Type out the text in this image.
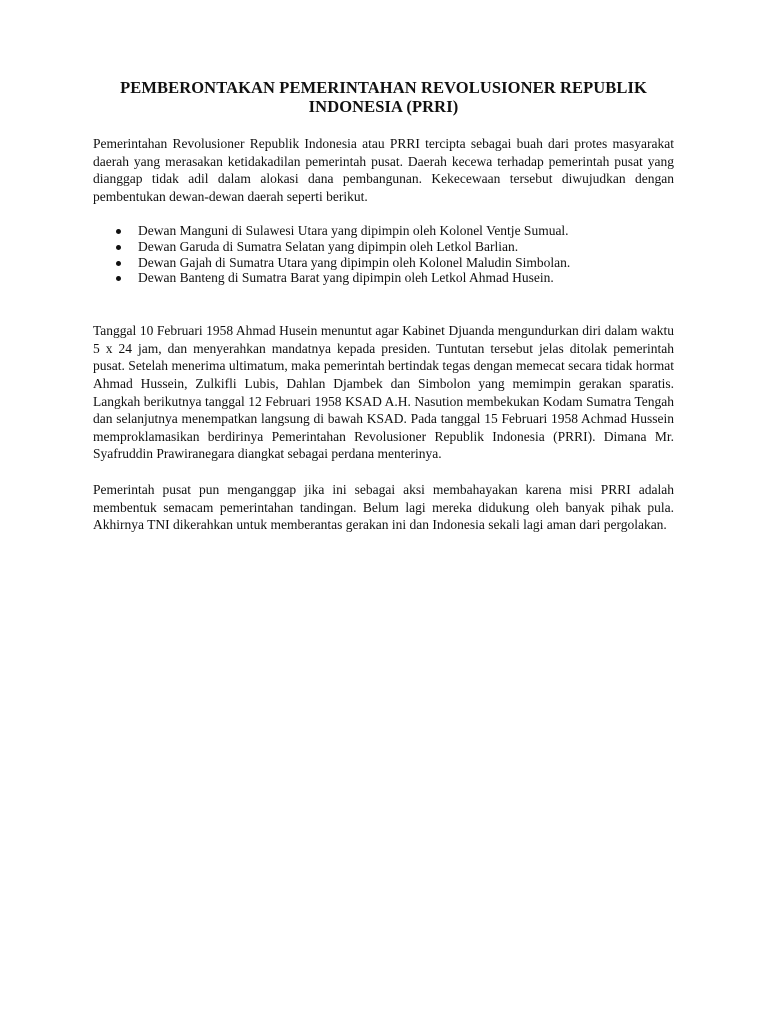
PEMBERONTAKAN PEMERINTAHAN REVOLUSIONER REPUBLIK
INDONESIA (PRRI)

Pemerintahan Revolusioner Republik Indonesia atau PRRI tercipta sebagai buah dari protes masyarakat daerah yang merasakan ketidakadilan pemerintah pusat. Daerah kecewa terhadap pemerintah pusat yang dianggap tidak adil dalam alokasi dana pembangunan. Kekecewaan tersebut diwujudkan dengan pembentukan dewan-dewan daerah seperti berikut.

Dewan Manguni di Sulawesi Utara yang dipimpin oleh Kolonel Ventje Sumual.
Dewan Garuda di Sumatra Selatan yang dipimpin oleh Letkol Barlian.
Dewan Gajah di Sumatra Utara yang dipimpin oleh Kolonel Maludin Simbolan.
Dewan Banteng di Sumatra Barat yang dipimpin oleh Letkol Ahmad Husein.

Tanggal 10 Februari 1958 Ahmad Husein menuntut agar Kabinet Djuanda mengundurkan diri dalam waktu 5 x 24 jam, dan menyerahkan mandatnya kepada presiden. Tuntutan tersebut jelas ditolak pemerintah pusat. Setelah menerima ultimatum, maka pemerintah bertindak tegas dengan memecat secara tidak hormat Ahmad Hussein, Zulkifli Lubis, Dahlan Djambek dan Simbolon yang memimpin gerakan sparatis. Langkah berikutnya tanggal 12 Februari 1958 KSAD A.H. Nasution membekukan Kodam Sumatra Tengah dan selanjutnya menempatkan langsung di bawah KSAD. Pada tanggal 15 Februari 1958 Achmad Hussein memproklamasikan berdirinya Pemerintahan Revolusioner Republik Indonesia (PRRI). Dimana Mr. Syafruddin Prawiranegara diangkat sebagai perdana menterinya.

Pemerintah pusat pun menganggap jika ini sebagai aksi membahayakan karena misi PRRI adalah membentuk semacam pemerintahan tandingan. Belum lagi mereka didukung oleh banyak pihak pula. Akhirnya TNI dikerahkan untuk memberantas gerakan ini dan Indonesia sekali lagi aman dari pergolakan.
